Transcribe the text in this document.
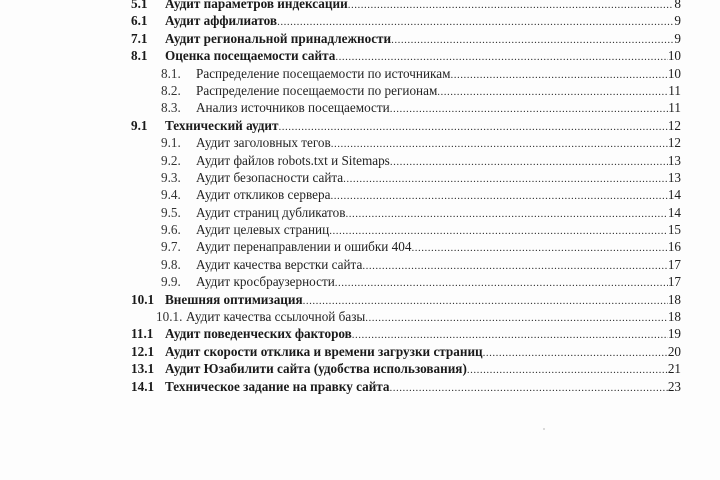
5.1	Аудит параметров индексации .....	8
6.1	Аудит аффилиатов .....	9
7.1	Аудит региональной принадлежности .....	9
8.1	Оценка посещаемости сайта .....	10
8.1.	Распределение посещаемости по источникам .....	10
8.2.	Распределение посещаемости по регионам .....	11
8.3.	Анализ источников посещаемости .....	11
9.1	Технический аудит .....	12
9.1.	Аудит заголовных тегов .....	12
9.2.	Аудит файлов robots.txt и Sitemaps .....	13
9.3.	Аудит безопасности сайта .....	13
9.4.	Аудит откликов сервера .....	14
9.5.	Аудит страниц дубликатов .....	14
9.6.	Аудит целевых страниц .....	15
9.7.	Аудит перенаправлении и ошибки 404 .....	16
9.8.	Аудит качества верстки сайта .....	17
9.9.	Аудит кросбраузерности .....	17
10.1 Внешняя оптимизация .....	18
10.1. Аудит качества ссылочной базы .....	18
11.1 Аудит поведенческих факторов .....	19
12.1 Аудит скорости отклика и времени загрузки страниц .....	20
13.1 Аудит Юзабилити сайта (удобства использования) .....	21
14.1 Техническое задание на правку сайта .....	23
